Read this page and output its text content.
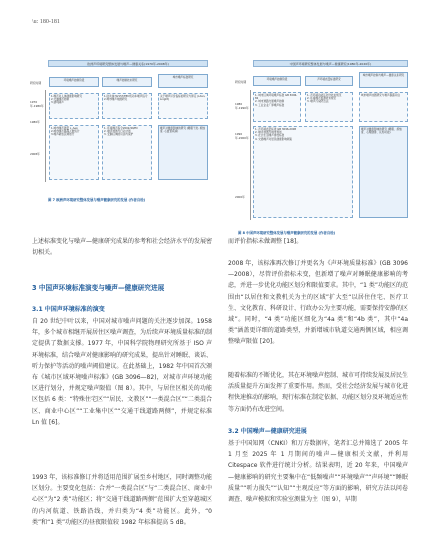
\u: 180-181
欧洲声环境研究整体发展与噪声—健康关系(1970年-2008年)
研究时期
环境噪声控制阶段	噪声控制技术研究
城市噪声标准研究
1970年-1980年
1980年
2008年
1.噪声对人体健康影响研究
2.交通噪声控制
3.建筑隔声
1.欧共体70/157/EEC机动车噪声指令
2.城市噪声地图研究
关于噪声评价指标的研究与界定 (Lden, Lnight)
1.城市噪声测量 L_Aeq
2.城市噪声暴露人数统计
3.噪声敏感区域划分
1. 环境噪声指令2002/49/EC
2. 噪声地图与行动计划
3. 安静区域的识别与保护
噪声对健康影响的研究 (睡眠干扰, 烦恼度, 心血管疾病)
图 7 欧洲声环境研究整体发展与噪声健康研究的发展 (作者自绘)
中国声环境研究整体发展与噪声—健康研究(1980年-2020年)
研究时期
环境噪声控制阶段	声环境质量标准研究
城市噪声控制与噪声—健康关系研究
1980年-1990年
1990年-2000年
2000年
1. 城市区域环境噪声标准 GB 3096-82
2. 城市道路交通噪声控制
3. 工业企业厂界噪声标准
1. 声环境功能区划分技术规范
2. 环境噪声监测技术规范
3. 噪声污染防治法
城市噪声地图研究与噪声暴露评估
1. 声环境质量标准 GB 3096-2008
2. 噪声地图与城市规划
3. 社会生活噪声排放标准
4. 交通噪声对居民健康影响调查
噪声对健康影响的研究 (睡眠、烦恼度、心理健康、认知功能)
图 8 中国声环境研究整体发展与噪声健康研究的发展 (作者自绘)
上述标准变化与噪声—健康研究成果的参考和社会经济水平的发展密切相关。
3 中国声环境标准演变与噪声—健康研究进展
3.1 中国声环境标准的演变
自 20 世纪中叶以来，中国对城市噪声问题的关注逐步加深。1958 年，多个城市相继开展居住区噪声调查，为后续声环境质量标准的制定提供了数据支撑。1977 年，中国科学院物理研究所基于 ISO 声环境标准，结合噪声对健康影响的研究成果，提出针对睡眠、谈话、听力保护等活动的噪声阈值建议。在此基础上，1982 年中国首次颁布《城市区域环境噪声标准》(GB 3096—82)，对城市声环境功能区进行划分，并规定噪声限值（图 8）。其中，与居住区相关的功能区包括 6 类：“特殊住宅区”“居民、文教区”“一类混合区”“二类混合区、商业中心区”“工业集中区”“交通干线道路两侧”，并规定标准 Ln 值 [6]。
1993 年，该标准修订并将适用范围扩展至乡村地区，同时调整功能区划分。主要变化包括：合并“一类混合区”与“二类混合区、商业中心区”为“2 类”功能区；将“交通干线道路两侧”范围扩大至穿越城区的内河航道、铁路沿线，并归类为“4 类”功能区。此外，“0 类”和“1 类”功能区的昼夜限值较 1982 年标准提高 5 dB。
而评价指标未做调整 [18]。
2008 年，该标准再次修订并更名为《声环境质量标准》(GB 3096—2008），尽管评价指标未变，但新增了噪声对睡眠健康影响的考虑，并进一步优化功能区划分和限值要求。其中，“1 类”功能区的范围由“以居住和文教机关为主的区域”扩大至“以居住住宅、医疗卫生、文化教育、科研设计、行政办公为主要功能，需要保持安静的区域”。同时，“4 类”功能区细化为“4a 类”和“4b 类”，其中“4a 类”涵盖更详细的道路类型，并新增城市轨道交通两侧区域，相应调整噪声限值 [20]。
随着标准的不断优化，其在环境噪声控制、城市可持续发展及居民生活质量提升方面发挥了重要作用。然而，受社会经济发展与城市化进程快速推动的影响，现行标准在制定依据、功能区划分及环境适应性等方面仍有改进空间。
3.2 中国噪声—健康研究进展
基于中国知网（CNKI）和万方数据库，笔者汇总并筛选了 2005 年 1 月至 2025 年 1 月期间的噪声—健康相关文献，并利用 Citespace 软件进行统计分析。结果表明，近 20 年来，中国噪声—健康影响的研究主要集中在“低频噪声”“环境噪声”“声环境”“睡眠质量”“听力损失”“认知”“主观反应”等方面的影响，研究方法以问卷调查、噪声模拟和实验室测量为主（图 9），早期
